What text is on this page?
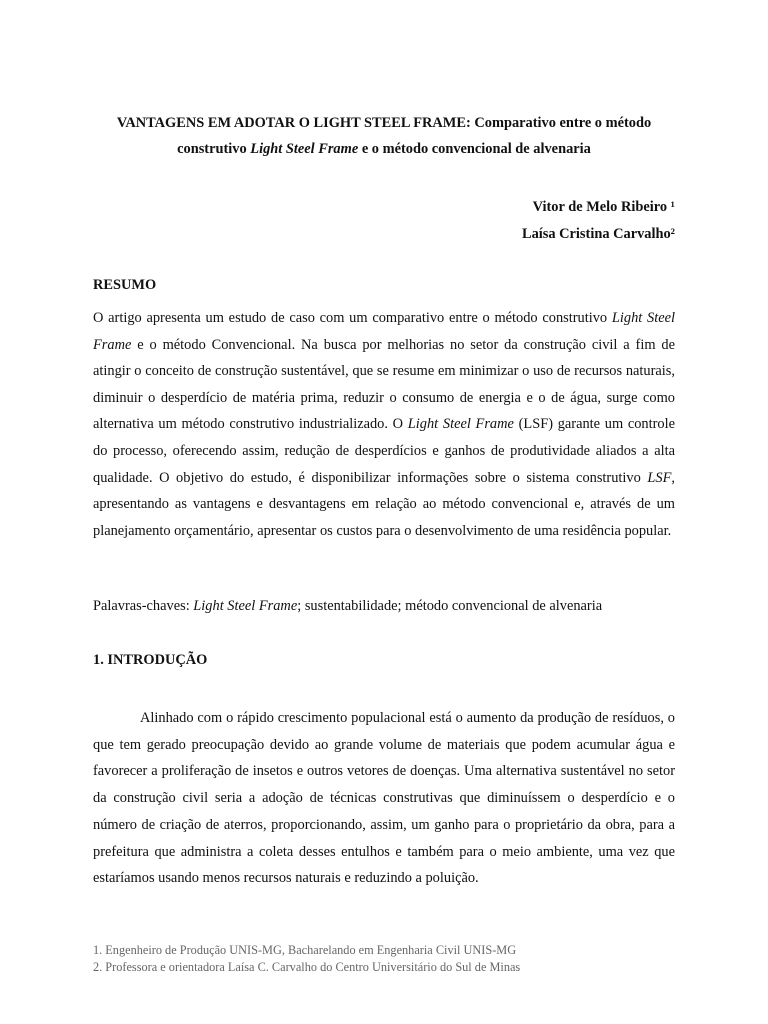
VANTAGENS EM ADOTAR O LIGHT STEEL FRAME: Comparativo entre o método construtivo Light Steel Frame e o método convencional de alvenaria
Vitor de Melo Ribeiro ¹
Laísa Cristina Carvalho²
RESUMO
O artigo apresenta um estudo de caso com um comparativo entre o método construtivo Light Steel Frame e o método Convencional. Na busca por melhorias no setor da construção civil a fim de atingir o conceito de construção sustentável, que se resume em minimizar o uso de recursos naturais, diminuir o desperdício de matéria prima, reduzir o consumo de energia e o de água, surge como alternativa um método construtivo industrializado. O Light Steel Frame (LSF) garante um controle do processo, oferecendo assim, redução de desperdícios e ganhos de produtividade aliados a alta qualidade. O objetivo do estudo, é disponibilizar informações sobre o sistema construtivo LSF, apresentando as vantagens e desvantagens em relação ao método convencional e, através de um planejamento orçamentário, apresentar os custos para o desenvolvimento de uma residência popular.
Palavras-chaves: Light Steel Frame; sustentabilidade; método convencional de alvenaria
1. INTRODUÇÃO
Alinhado com o rápido crescimento populacional está o aumento da produção de resíduos, o que tem gerado preocupação devido ao grande volume de materiais que podem acumular água e favorecer a proliferação de insetos e outros vetores de doenças. Uma alternativa sustentável no setor da construção civil seria a adoção de técnicas construtivas que diminuíssem o desperdício e o número de criação de aterros, proporcionando, assim, um ganho para o proprietário da obra, para a prefeitura que administra a coleta desses entulhos e também para o meio ambiente, uma vez que estaríamos usando menos recursos naturais e reduzindo a poluição.
1. Engenheiro de Produção UNIS-MG, Bacharelando em Engenharia Civil UNIS-MG
2. Professora e orientadora Laísa C. Carvalho do Centro Universitário do Sul de Minas
